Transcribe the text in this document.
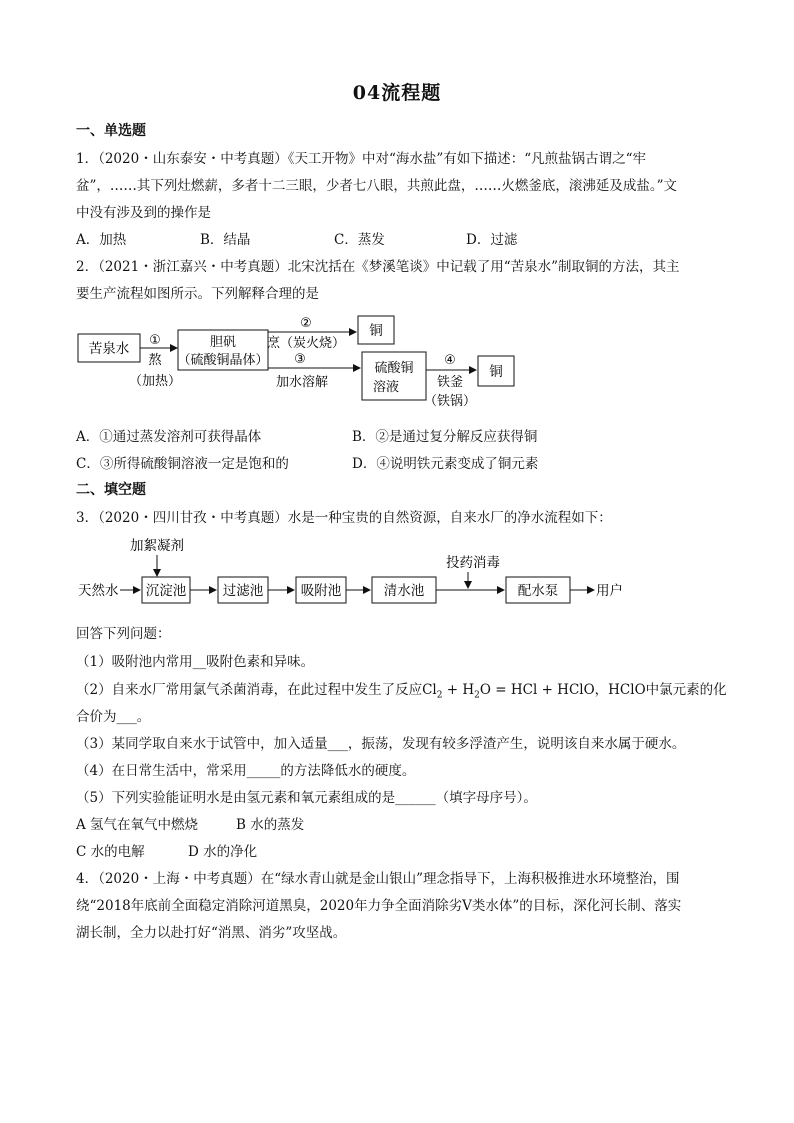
04流程题
一、单选题
1．（2020・山东泰安・中考真题）《天工开物》中对“海水盐”有如下描述：“凡煎盐锅古谓之“牢
盆”，……其下列灶燃薪，多者十二三眼，少者七八眼，共煎此盘，……火燃釜底，滚沸延及成盐。”文
中没有涉及到的操作是
A．加热	B．结晶	C．蒸发	D．过滤
2．（2021・浙江嘉兴・中考真题）北宋沈括在《梦溪笔谈》中记载了用“苦泉水”制取铜的方法，其主
要生产流程如图所示。下列解释合理的是
苦泉水
①
熬
（加热）
胆矾
（硫酸铜晶体）
②
烹（炭火烧）
铜
③
加水溶解
硫酸铜
溶液
④
铁釜
（铁锅）
铜
A．①通过蒸发溶剂可获得晶体	B．②是通过复分解反应获得铜
C．③所得硫酸铜溶液一定是饱和的	D．④说明铁元素变成了铜元素
二、填空题
3．（2020・四川甘孜・中考真题）水是一种宝贵的自然资源，自来水厂的净水流程如下：
加絮凝剂
投药消毒
天然水 沉淀池	过滤池	吸附池	清水池	配水泵	用户
回答下列问题：
（1）吸附池内常用__吸附色素和异味。
（2）自来水厂常用氯气杀菌消毒，在此过程中发生了反应$Cl_2 + H_2O$ = HCl + HClO，HClO中氯元素的化
合价为___。
（3）某同学取自来水于试管中，加入适量___，振荡，发现有较多浮渣产生，说明该自来水属于硬水。
（4）在日常生活中，常采用_____的方法降低水的硬度。
（5）下列实验能证明水是由氢元素和氧元素组成的是______（填字母序号）。
A 氢气在氧气中燃烧	B 水的蒸发
C 水的电解	D 水的净化
4．（2020・上海・中考真题）在“绿水青山就是金山银山”理念指导下，上海积极推进水环境整治，围
绕“2018年底前全面稳定消除河道黑臭，2020年力争全面消除劣Ⅴ类水体”的目标，深化河长制、落实
湖长制，全力以赴打好“消黑、消劣”攻坚战。
